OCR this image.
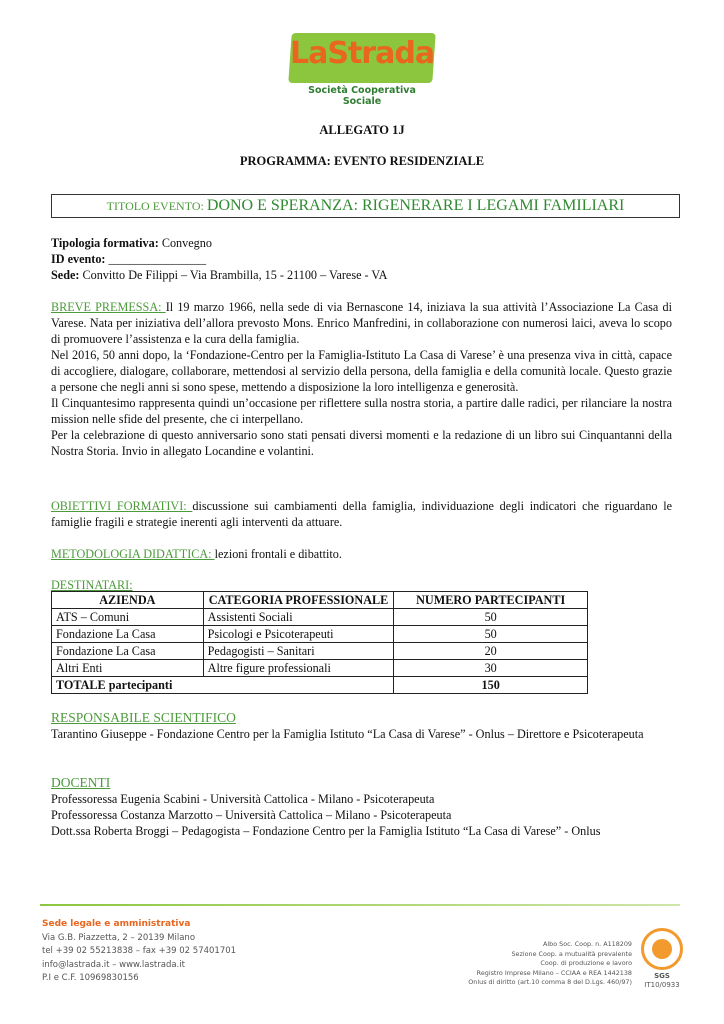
LaStrada
Società Cooperativa Sociale
ALLEGATO 1J
PROGRAMMA: EVENTO RESIDENZIALE
TITOLO EVENTO: DONO E SPERANZA: RIGENERARE I LEGAMI FAMILIARI
Tipologia formativa: Convegno
ID evento: ________________
Sede: Convitto De Filippi – Via Brambilla, 15 - 21100 – Varese - VA

BREVE PREMESSA: Il 19 marzo 1966, nella sede di via Bernascone 14, iniziava la sua attività l’Associazione La Casa di Varese. Nata per iniziativa dell’allora prevosto Mons. Enrico Manfredini, in collaborazione con numerosi laici, aveva lo scopo di promuovere l’assistenza e la cura della famiglia.

Nel 2016, 50 anni dopo, la ‘Fondazione-Centro per la Famiglia-Istituto La Casa di Varese’ è una presenza viva in città, capace di accogliere, dialogare, collaborare, mettendosi al servizio della persona, della famiglia e della comunità locale. Questo grazie a persone che negli anni si sono spese, mettendo a disposizione la loro intelligenza e generosità.

Il Cinquantesimo rappresenta quindi un’occasione per riflettere sulla nostra storia, a partire dalle radici, per rilanciare la nostra mission nelle sfide del presente, che ci interpellano.

Per la celebrazione di questo anniversario sono stati pensati diversi momenti e la redazione di un libro sui Cinquantanni della Nostra Storia. Invio in allegato Locandine e volantini.

OBIETTIVI FORMATIVI: discussione sui cambiamenti della famiglia, individuazione degli indicatori che riguardano le famiglie fragili e strategie inerenti agli interventi da attuare.

METODOLOGIA DIDATTICA: lezioni frontali e dibattito.

DESTINATARI:
AZIENDA	CATEGORIA PROFESSIONALE	NUMERO PARTECIPANTI
ATS – Comuni	Assistenti Sociali	50
Fondazione La Casa	Psicologi e Psicoterapeuti	50
Fondazione La Casa	Pedagogisti – Sanitari	20
Altri Enti	Altre figure professionali	30
TOTALE partecipanti		150
RESPONSABILE SCIENTIFICO

Tarantino Giuseppe - Fondazione Centro per la Famiglia Istituto “La Casa di Varese” - Onlus – Direttore e Psicoterapeuta

DOCENTI
Professoressa Eugenia Scabini - Università Cattolica - Milano - Psicoterapeuta
Professoressa Costanza Marzotto – Università Cattolica – Milano - Psicoterapeuta
Dott.ssa Roberta Broggi – Pedagogista – Fondazione Centro per la Famiglia Istituto “La Casa di Varese” - Onlus
Sede legale e amministrativa
Via G.B. Piazzetta, 2 – 20139 Milano
tel +39 02 55213838 – fax +39 02 57401701
info@lastrada.it – www.lastrada.it
P.I e C.F. 10969830156
Albo Soc. Coop. n. A118209
Sezione Coop. a mutualità prevalente
Coop. di produzione e lavoro
Registro Imprese Milano – CCIAA e REA 1442138
Onlus di diritto (art.10 comma 8 del D.Lgs. 460/97)
SGS
IT10/0933
